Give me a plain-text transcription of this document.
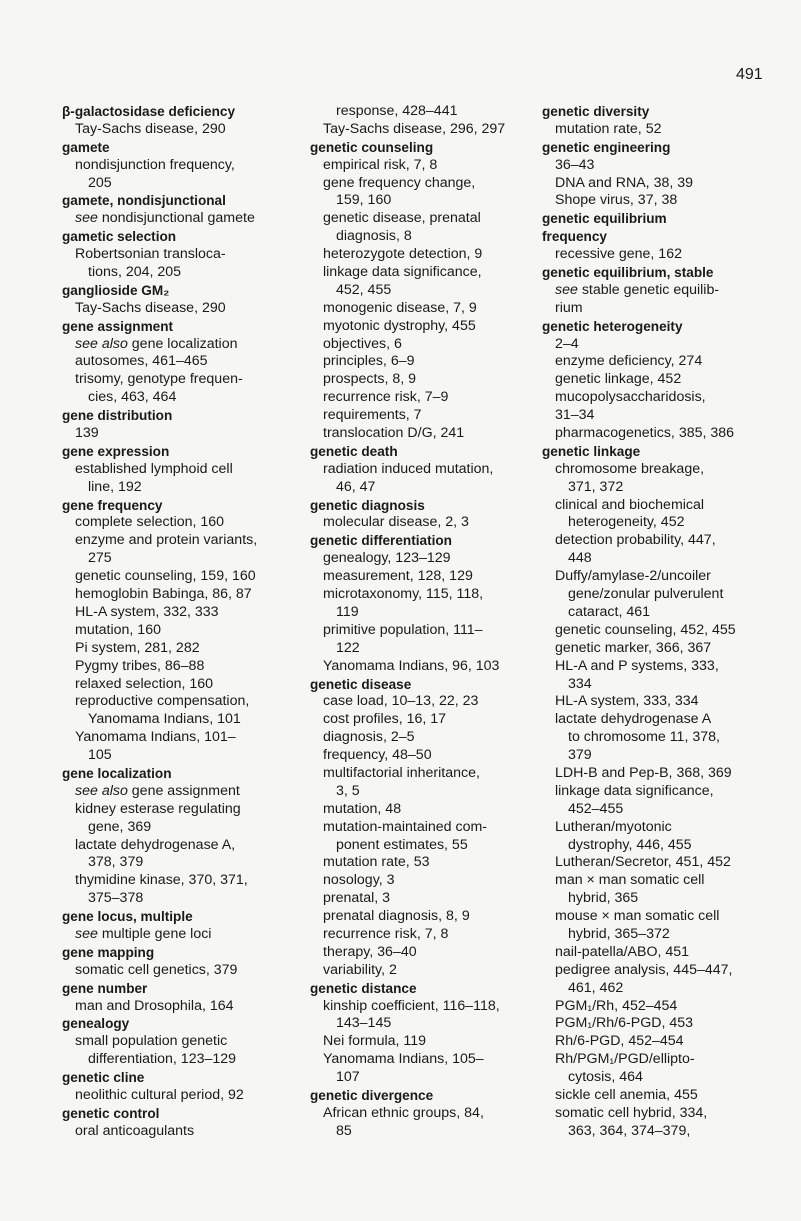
491
β-galactosidase deficiency
Tay-Sachs disease, 290
gamete
nondisjunction frequency,
205
gamete, nondisjunctional
see nondisjunctional gamete
gametic selection
Robertsonian transloca-
tions, 204, 205
ganglioside GM₂
Tay-Sachs disease, 290
gene assignment
see also gene localization
autosomes, 461–465
trisomy, genotype frequen-
cies, 463, 464
gene distribution
139
gene expression
established lymphoid cell
line, 192
gene frequency
complete selection, 160
enzyme and protein variants,
275
genetic counseling, 159, 160
hemoglobin Babinga, 86, 87
HL-A system, 332, 333
mutation, 160
Pi system, 281, 282
Pygmy tribes, 86–88
relaxed selection, 160
reproductive compensation,
Yanomama Indians, 101
Yanomama Indians, 101–
105
gene localization
see also gene assignment
kidney esterase regulating
gene, 369
lactate dehydrogenase A,
378, 379
thymidine kinase, 370, 371,
375–378
gene locus, multiple
see multiple gene loci
gene mapping
somatic cell genetics, 379
gene number
man and Drosophila, 164
genealogy
small population genetic
differentiation, 123–129
genetic cline
neolithic cultural period, 92
genetic control
oral anticoagulants
response, 428–441
Tay-Sachs disease, 296, 297
genetic counseling
empirical risk, 7, 8
gene frequency change,
159, 160
genetic disease, prenatal
diagnosis, 8
heterozygote detection, 9
linkage data significance,
452, 455
monogenic disease, 7, 9
myotonic dystrophy, 455
objectives, 6
principles, 6–9
prospects, 8, 9
recurrence risk, 7–9
requirements, 7
translocation D/G, 241
genetic death
radiation induced mutation,
46, 47
genetic diagnosis
molecular disease, 2, 3
genetic differentiation
genealogy, 123–129
measurement, 128, 129
microtaxonomy, 115, 118,
119
primitive population, 111–
122
Yanomama Indians, 96, 103
genetic disease
case load, 10–13, 22, 23
cost profiles, 16, 17
diagnosis, 2–5
frequency, 48–50
multifactorial inheritance,
3, 5
mutation, 48
mutation-maintained com-
ponent estimates, 55
mutation rate, 53
nosology, 3
prenatal, 3
prenatal diagnosis, 8, 9
recurrence risk, 7, 8
therapy, 36–40
variability, 2
genetic distance
kinship coefficient, 116–118,
143–145
Nei formula, 119
Yanomama Indians, 105–
107
genetic divergence
African ethnic groups, 84,
85
genetic diversity
mutation rate, 52
genetic engineering
36–43
DNA and RNA, 38, 39
Shope virus, 37, 38
genetic equilibrium
frequency
recessive gene, 162
genetic equilibrium, stable
see stable genetic equilib-
rium
genetic heterogeneity
2–4
enzyme deficiency, 274
genetic linkage, 452
mucopolysaccharidosis,
31–34
pharmacogenetics, 385, 386
genetic linkage
chromosome breakage,
371, 372
clinical and biochemical
heterogeneity, 452
detection probability, 447,
448
Duffy/amylase-2/uncoiler
gene/zonular pulverulent
cataract, 461
genetic counseling, 452, 455
genetic marker, 366, 367
HL-A and P systems, 333,
334
HL-A system, 333, 334
lactate dehydrogenase A
to chromosome 11, 378,
379
LDH-B and Pep-B, 368, 369
linkage data significance,
452–455
Lutheran/myotonic
dystrophy, 446, 455
Lutheran/Secretor, 451, 452
man × man somatic cell
hybrid, 365
mouse × man somatic cell
hybrid, 365–372
nail-patella/ABO, 451
pedigree analysis, 445–447,
461, 462
PGM₁/Rh, 452–454
PGM₁/Rh/6-PGD, 453
Rh/6-PGD, 452–454
Rh/PGM₁/PGD/ellipto-
cytosis, 464
sickle cell anemia, 455
somatic cell hybrid, 334,
363, 364, 374–379,
